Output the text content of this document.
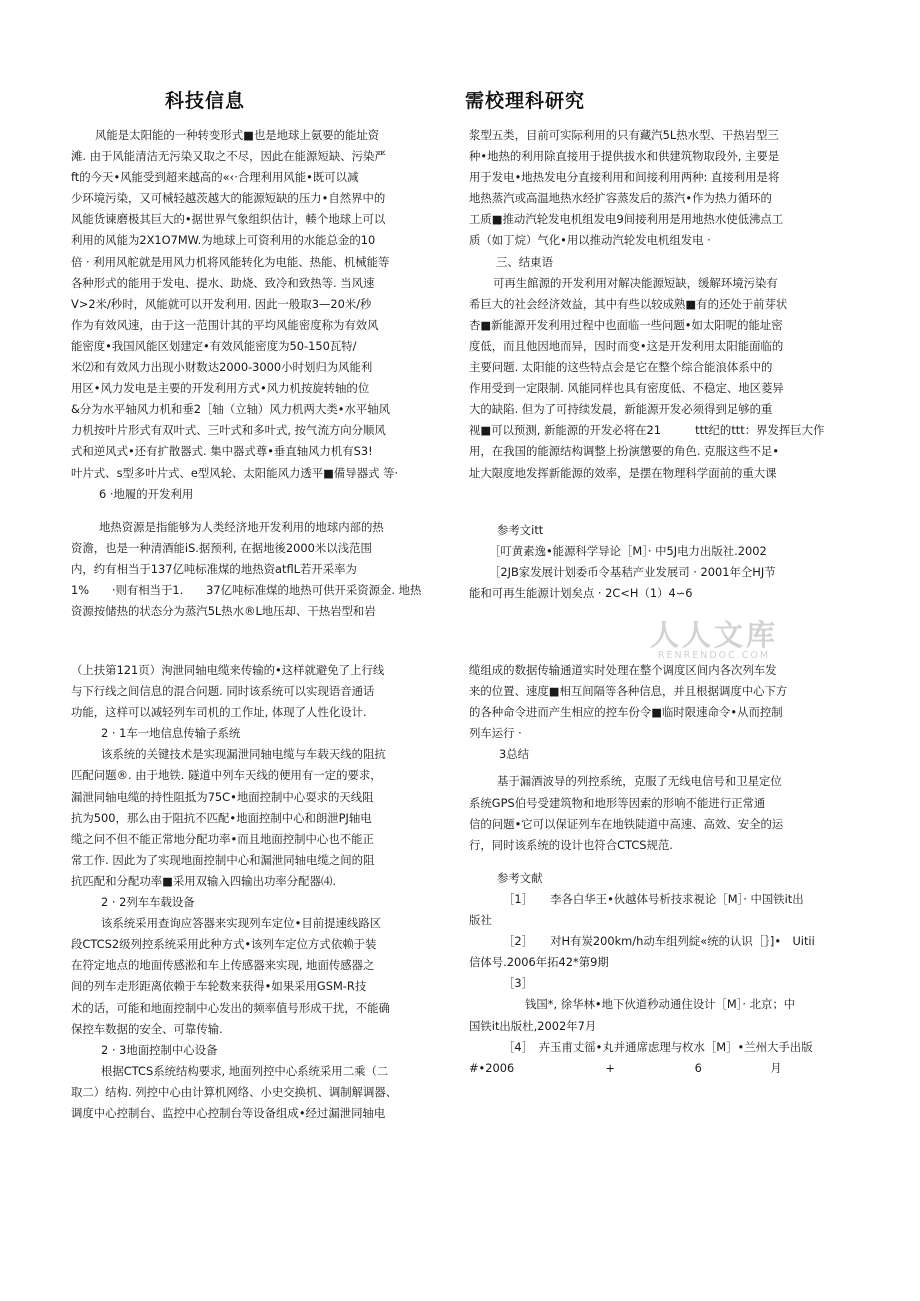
科技信息	需校理科研究

风能是太阳能的一种转变形式■也是地球上氨要的能址资

滩. 由于风能清洁无污染又取之不尽，因此在能源短缺、污染严

ft的今天•风能受到超来越高的«‹·合理利用风能•既可以减

少环境污染，又可械轻越茨越大的能源短缺的压力•自然界中的

风能货谏磨极其巨大的•据世界气象组织估计，輳个地球上可以

利用的风能为2X1O7MW.为地球上可资利用的水能总金的10

倍 · 利用风舵就是用风力机将风能转化为电能、热能、机械能等

各种形式的能用于发电、提水、助烧、致冷和致热等. 当风速

V>2米/秒时，风能就可以开发利用. 因此一般取3—20米/秒

作为有效风速，由于这一范围计其的平均风能密度称为有效风

能密度•我国风能区划建定•有效风能密度为50-150瓦特/

米⑵和有效风力出现小财数达2000-3000小时划归为风能利

用区•风力发电是主要的开发利用方式•风力机按旋转轴的位

&分为水平轴风力机和垂2［轴（立轴）风力机两大类•水平轴风

力机按叶片形式有双叶式、三叶式和多叶式, 按气流方向分顺风

式和逆风式•还有扩散器式. 集中器式尊•垂直轴风力机有S3!

叶片式、s型多叶片式、e型风轮、太阳能风力透平■備导器式 等·

6 ·地履的开发利用

地热资源是指能够为人类经济地开发利用的地球内部的热

资澹，也是一种清酒能iS.据预利, 在据地後2000米以浅范围

内，约有相当于137亿吨标准煤的地热资atflL若开采率为

1%　　·则有相当于1.　　37亿吨标准煤的地热可供开采资源金. 地热

资源按储热的状态分为蒸汽5L热水®L地压却、干热岩型和岩

浆型五类，目前可实际利用的只有藏汽5L热水型、干热岩型三

种•地热的利用除直接用于提供拔水和供建筑物取段外, 主要是

用于发电•地热发电分直接利用和间接利用两种: 直接利用是将

地热蒸汽或高温地热水经扩容蒸发后的蒸汽•作为热力循环的

工质■推动汽轮发电机组发电9间接利用是用地热水使低沸点工

质（如丁烷）气化•用以推动汽轮发电机组发电 ·

三、结東语

可再生館源的开发利用对解决能源短缺，缓解环境污染有

希巨大的社会经济效益，其中有些以较成熟■有的还处于前芽状

杏■新能源开发利用过程中也面临一些问题•如太阳呢的能址密

度低，而且他因地而异，因时而变•这是开发利用太阳能面临的

主要问题. 太阳能的这些特点会是它在整个综合能浪体系中的

作用受到一定限制. 风能同样也具有密度低、不稳定、地区菱异

大的缺陷. 但为了可持续发晨，新能源开发必须得到足够的重

视■可以预测, 新能源的开发必将在21　　　ttt纪的ttt：界发挥巨大作

用，在我国的能源结构调整上扮演懲要的角色. 克服这些不足•

址大限度地发挥新能源的效率，是摆在物理科学面前的重大课

参考文itt

［叮黄素逸•能源科学导论［M］· 中5J电力出版社.2002

［2JB家发展计划委币令基秸产业发展司 · 2001年仝HJ节

能和可再生能源计划矣点 · 2C<H（1）4∽6

人人文库
RENRENDOC.COM

（上扶第121页）洵泄同轴电缆来传输的•这样就避免了上行线

与下行线之间信息的混合问题. 同时该系统可以实现语音通话

功能，这样可以减轻列车司机的工作址, 体现了人性化设计.

2 · 1车一地信息传输子系统

该系统的关键技术是实现漏泄同轴电缆与车载天线的阻抗

匹配问题®. 由于地铁. 隧道中列车天线的便用有一定的要求，

漏泄同轴电缆的持性阻抵为75C•地面控制中心耍求的天线阻

抗为500，那么由于阻抗不匹配•地面控制中心和朗泄PJ轴电

缆之问不但不能正常地分配功率•而且地面控制中心也不能正

常工作. 因此为了实现地面控制中心和漏泄同轴电缆之间的阻

抗匹配和分配功率■采用双输入四输出功率分配器⑷.

2 · 2列车车载设备

该系统采用查询应答器来实现列车定位•目前提速线路区

段CTCS2级列控系统采用此种方式•该列车定位方式依赖于装

在符定地点的地面传感淞和车上传感器来实现, 地面传感器之

间的列车走形距离依赖于车轮数来获得•如果采用GSM-R技

术的话，可能和地面控制中心发出的频率值号形成干扰，不能确

保控车数据的安全、可靠传输.

2 · 3地面控制中心设备

根据CTCS系统结构要求, 地面列控中心系统采用二乘（二

取二）结构. 列控中心由计算机网络、小史交换机、调制解调器、

调度中心控制台、监控中心控制台等设备组成•经过漏泄同轴电

缆组成的数据传输通道实时处理在整个调度区间内各次列车发

来的位置、速度■相互间隔等各种信息，并且根据调度中心下方

的各种命令进而产生相应的控车份令■临时限速命令•从而控制

列车运行 ·

3总结

基于漏酒波导的列控系统，克服了无线电信号和卫星定位

系统GPS伯号受建筑物和地形等因索的形响不能进行正常通

信的问题•它可以保证列车在地铁陡道中高速、高效、安全的运

行，同时该系统的设计也符合CTCS规范.

参考文献

［1］　　李各白华王•伙越体号析技求視论［M］· 中国铁it出

版社

［2］　　对H有炭200km/h动车组列綻«统的认识［｝]•　Uitii

信体号.2006年拓42*第9期

［3］

钱国*, 徐华林•地下伙道秒动通住设计［M］· 北京；中

国铁it出版杜,2002年7月

［4］　卉玉甫丈徭•丸并通席虑理与枚水［M］•兰州大手出版

#•2006　　　　　　　　+　　　　　　　6　　　　　　月
